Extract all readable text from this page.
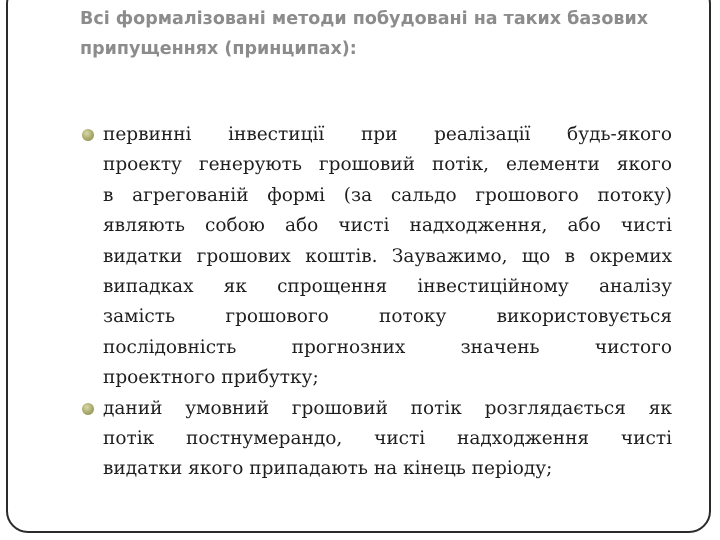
Всі формалізовані методи побудовані на таких базових
припущеннях (принципах):
первинні інвестиції при реалізації будь-якого
проекту генерують грошовий потік, елементи якого
в агрегованій формі (за сальдо грошового потоку)
являють собою або чисті надходження, або чисті
видатки грошових коштів. Зауважимо, що в окремих
випадках як спрощення інвестиційному аналізу
замість грошового потоку використовується
послідовність прогнозних значень чистого
проектного прибутку;
даний умовний грошовий потік розглядається як
потік постнумерандо, чисті надходження чисті
видатки якого припадають на кінець періоду;
